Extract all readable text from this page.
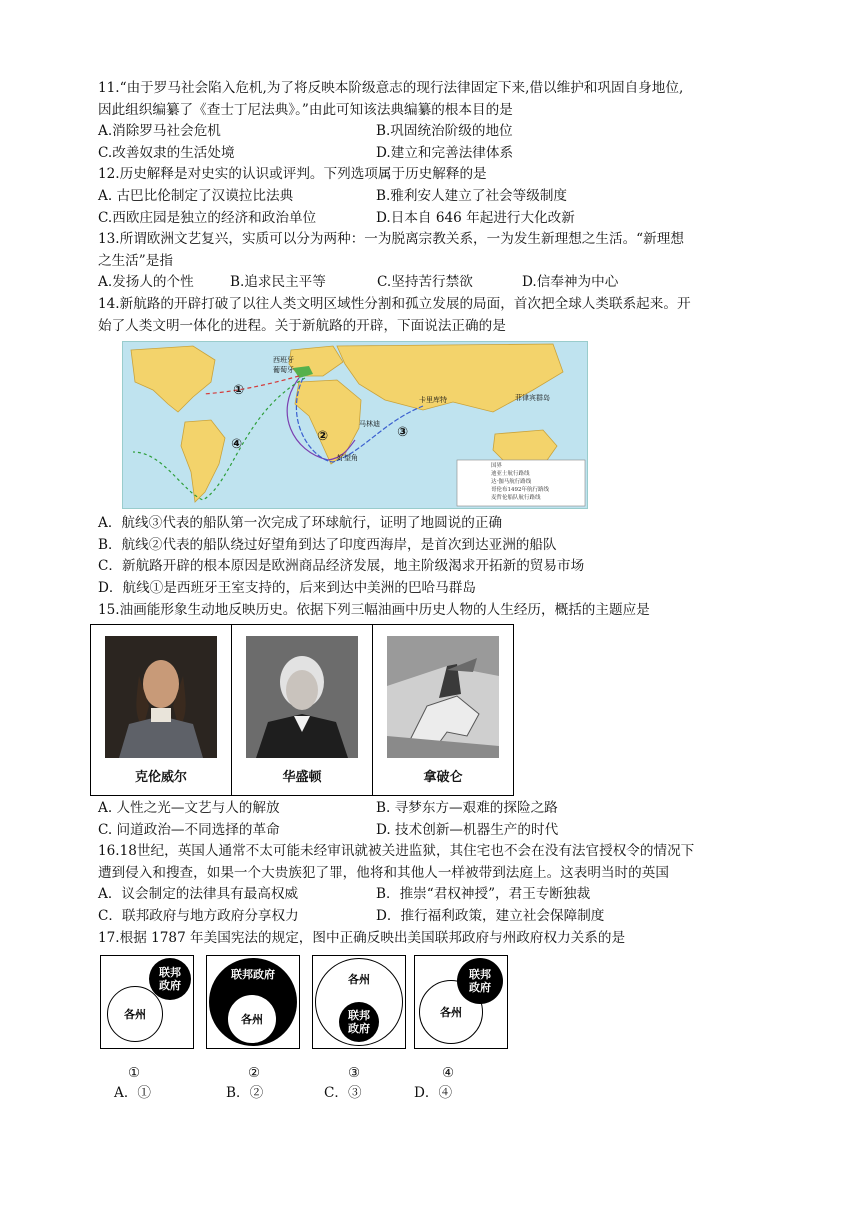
11.“由于罗马社会陷入危机,为了将反映本阶级意志的现行法律固定下来,借以维护和巩固自身地位,
因此组织编纂了《查士丁尼法典》。”由此可知该法典编纂的根本目的是
A.消除罗马社会危机	B.巩固统治阶级的地位
C.改善奴隶的生活处境	D.建立和完善法律体系
12.历史解释是对史实的认识或评判。下列选项属于历史解释的是
A. 古巴比伦制定了汉谟拉比法典	B.雅利安人建立了社会等级制度
C.西欧庄园是独立的经济和政治单位	D.日本自 646 年起进行大化改新
13.所谓欧洲文艺复兴，实质可以分为两种：一为脱离宗教关系，一为发生新理想之生活。“新理想
之生活”是指
A.发扬人的个性	B.追求民主平等	C.坚持苦行禁欲	D.信奉神为中心
14.新航路的开辟打破了以往人类文明区域性分割和孤立发展的局面，首次把全球人类联系起来。开
始了人类文明一体化的进程。关于新航路的开辟，下面说法正确的是
①
②	③
④
西班牙
葡萄牙
卡里库特
马林迪
好望角
菲律宾群岛
国界
迪亚士航行路线
达·伽马航行路线
哥伦布1492年航行路线
麦哲伦船队航行路线
A．航线③代表的船队第一次完成了环球航行，证明了地圆说的正确
B．航线②代表的船队绕过好望角到达了印度西海岸，是首次到达亚洲的船队
C．新航路开辟的根本原因是欧洲商品经济发展，地主阶级渴求开拓新的贸易市场
D．航线①是西班牙王室支持的，后来到达中美洲的巴哈马群岛
15.油画能形象生动地反映历史。依据下列三幅油画中历史人物的人生经历，概括的主题应是
克伦威尔	华盛顿	拿破仑
A. 人性之光—文艺与人的解放	B. 寻梦东方—艰难的探险之路
C. 问道政治—不同选择的革命	D. 技术创新—机器生产的时代
16.18世纪，英国人通常不太可能未经审讯就被关进监狱，其住宅也不会在没有法官授权令的情况下
遭到侵入和搜查，如果一个大贵族犯了罪，他将和其他人一样被带到法庭上。这表明当时的英国
A．议会制定的法律具有最高权威	B．推崇“君权神授”，君王专断独裁
C．联邦政府与地方政府分享权力	D．推行福利政策，建立社会保障制度
17.根据 1787 年美国宪法的规定，图中正确反映出美国联邦政府与州政府权力关系的是
各州
联邦
政府
联邦政府
各州
各州
联邦
政府
各州
联邦
政府
①	②	③	④
A．①	B．②	C．③	D．④
